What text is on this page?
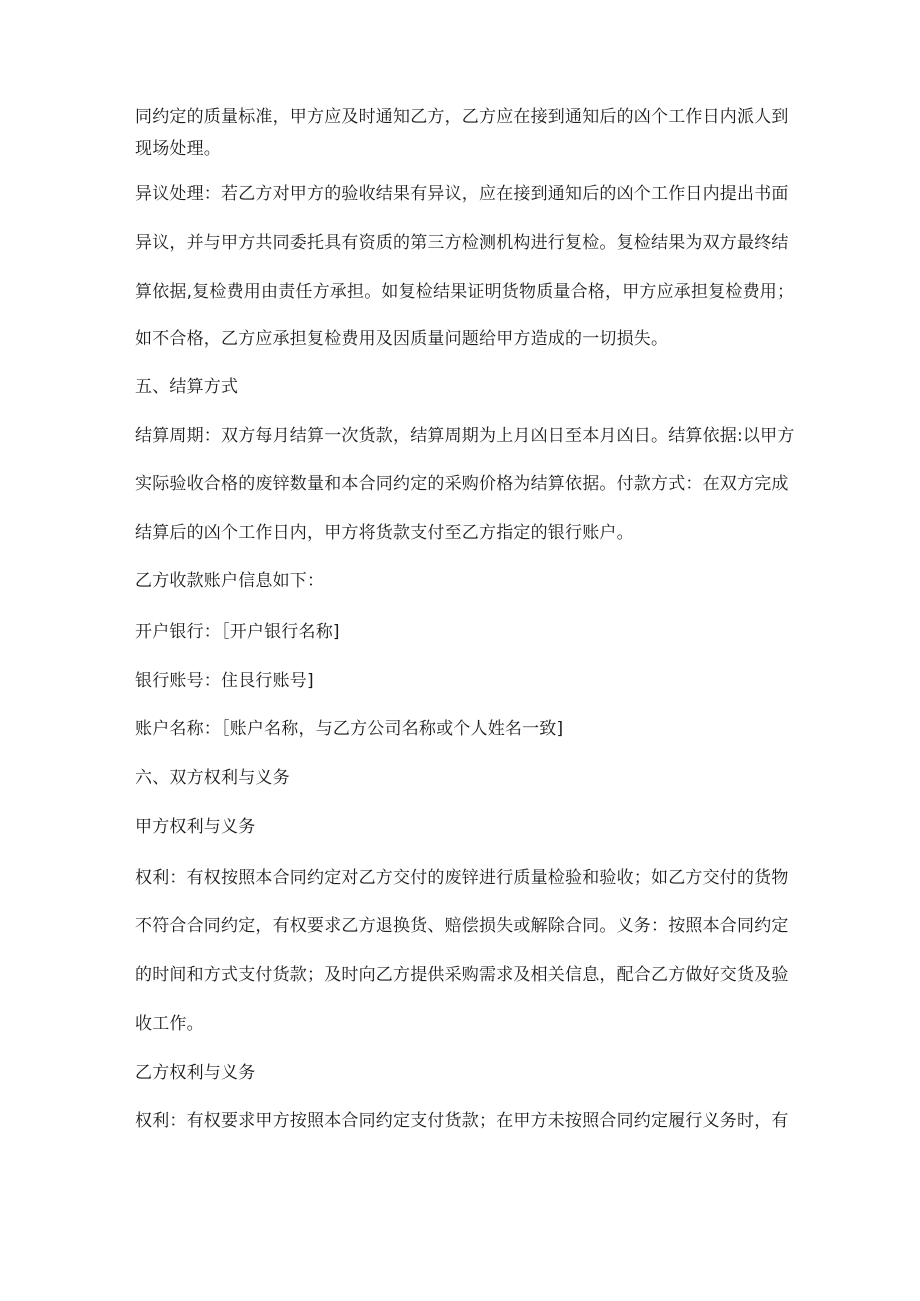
同约定的质量标准，甲方应及时通知乙方，乙方应在接到通知后的凶个工作日内派人到
现场处理。
异议处理：若乙方对甲方的验收结果有异议，应在接到通知后的凶个工作日内提出书面
异议，并与甲方共同委托具有资质的第三方检测机构进行复检。复检结果为双方最终结
算依据,复检费用由责任方承担。如复检结果证明货物质量合格，甲方应承担复检费用；
如不合格，乙方应承担复检费用及因质量问题给甲方造成的一切损失。
五、结算方式
结算周期：双方每月结算一次货款，结算周期为上月凶日至本月凶日。结算依据:以甲方
实际验收合格的废锌数量和本合同约定的采购价格为结算依据。付款方式：在双方完成
结算后的凶个工作日内，甲方将货款支付至乙方指定的银行账户。
乙方收款账户信息如下：
开户银行：［开户银行名称]
银行账号：住艮行账号]
账户名称：［账户名称，与乙方公司名称或个人姓名一致]
六、双方权利与义务
甲方权利与义务
权利：有权按照本合同约定对乙方交付的废锌进行质量检验和验收；如乙方交付的货物
不符合合同约定，有权要求乙方退换货、赔偿损失或解除合同。义务：按照本合同约定
的时间和方式支付货款；及时向乙方提供采购需求及相关信息，配合乙方做好交货及验
收工作。
乙方权利与义务
权利：有权要求甲方按照本合同约定支付货款；在甲方未按照合同约定履行义务时，有
